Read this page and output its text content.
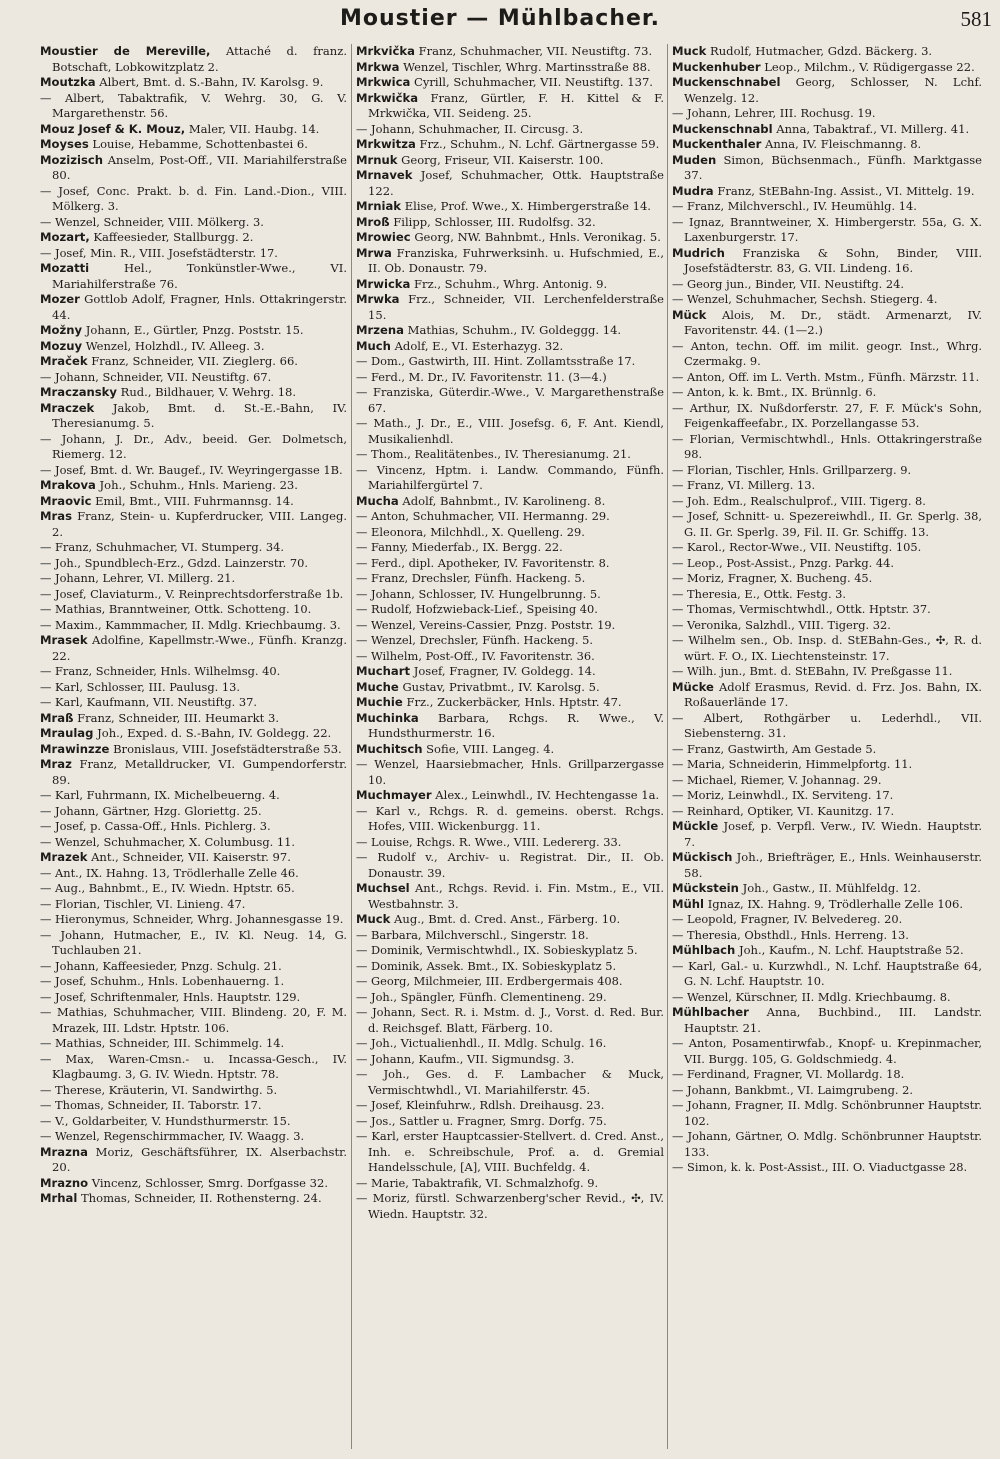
Moustier — Mühlbacher.	581

Moustier de Mereville, Attaché d. franz. Botschaft, Lobkowitzplatz 2.

Moutzka Albert, Bmt. d. S.-Bahn, IV. Karolsg. 9.

— Albert, Tabaktrafik, V. Wehrg. 30, G. V. Margarethenstr. 56.

Mouz Josef & K. Mouz, Maler, VII. Haubg. 14.

Moyses Louise, Hebamme, Schottenbastei 6.

Mozizisch Anselm, Post-Off., VII. Mariahilferstraße 80.

— Josef, Conc. Prakt. b. d. Fin. Land.-Dion., VIII. Mölkerg. 3.

— Wenzel, Schneider, VIII. Mölkerg. 3.

Mozart, Kaffeesieder, Stallburgg. 2.

— Josef, Min. R., VIII. Josefstädterstr. 17.

Mozatti	Hel., Tonkünstler-Wwe., VI. Mariahilferstraße 76.

Mozer Gottlob Adolf, Fragner, Hnls. Ottakringerstr. 44.

Možny Johann, E., Gürtler, Pnzg. Poststr. 15.

Mozuy Wenzel, Holzhdl., IV. Alleeg. 3.

Mraček Franz, Schneider, VII. Zieglerg. 66.

— Johann, Schneider, VII. Neustiftg. 67.

Mraczansky Rud., Bildhauer, V. Wehrg. 18.

Mraczek Jakob, Bmt. d. St.-E.-Bahn, IV. Theresianumg. 5.

— Johann, J. Dr., Adv., beeid. Ger. Dolmetsch, Riemerg. 12.

— Josef, Bmt. d. Wr. Baugef., IV. Weyringergasse 1B.

Mrakova Joh., Schuhm., Hnls. Marieng. 23.

Mraovic Emil, Bmt., VIII. Fuhrmannsg. 14.

Mras Franz, Stein- u. Kupferdrucker, VIII. Langeg. 2.

— Franz, Schuhmacher, VI. Stumperg. 34.

— Joh., Spundblech-Erz., Gdzd. Lainzerstr. 70.

— Johann, Lehrer, VI. Millerg. 21.

— Josef, Claviaturm., V. Reinprechtsdorferstraße 1b.

— Mathias, Branntweiner, Ottk. Schotteng. 10.

— Maxim., Kammmacher, II. Mdlg. Kriechbaumg. 3.

Mrasek Adolfine, Kapellmstr.-Wwe., Fünfh. Kranzg. 22.

— Franz, Schneider, Hnls. Wilhelmsg. 40.

— Karl, Schlosser, III. Paulusg. 13.

— Karl, Kaufmann, VII. Neustiftg. 37.

Mraß Franz, Schneider, III. Heumarkt 3.

Mraulag Joh., Exped. d. S.-Bahn, IV. Goldegg. 22.

Mrawinzze Bronislaus, VIII. Josefstädterstraße 53.

Mraz Franz, Metalldrucker, VI. Gumpendorferstr. 89.

— Karl, Fuhrmann, IX. Michelbeuerng. 4.

— Johann, Gärtner, Hzg. Gloriettg. 25.

— Josef, p. Cassa-Off., Hnls. Pichlerg. 3.

— Wenzel, Schuhmacher, X. Columbusg. 11.

Mrazek Ant., Schneider, VII. Kaiserstr. 97.

— Ant., IX. Hahng. 13, Trödlerhalle Zelle 46.

— Aug., Bahnbmt., E., IV. Wiedn. Hptstr. 65.

— Florian, Tischler, VI. Linieng. 47.

— Hieronymus, Schneider, Whrg. Johannesgasse 19.

— Johann, Hutmacher, E., IV. Kl. Neug. 14, G. Tuchlauben 21.

— Johann, Kaffeesieder, Pnzg. Schulg. 21.

— Josef, Schuhm., Hnls. Lobenhauerng. 1.

— Josef, Schriftenmaler, Hnls. Hauptstr. 129.

— Mathias, Schuhmacher, VIII. Blindeng. 20, F. M. Mrazek, III. Ldstr. Hptstr. 106.

— Mathias, Schneider, III. Schimmelg. 14.

— Max, Waren-Cmsn.- u. Incassa-Gesch., IV. Klagbaumg. 3, G. IV. Wiedn. Hptstr. 78.

— Therese, Kräuterin, VI. Sandwirthg. 5.

— Thomas, Schneider, II. Taborstr. 17.

— V., Goldarbeiter, V. Hundsthurmerstr. 15.

— Wenzel, Regenschirmmacher, IV. Waagg. 3.

Mrazna Moriz, Geschäftsführer, IX. Alserbachstr. 20.

Mrazno Vincenz, Schlosser, Smrg. Dorfgasse 32.

Mrhal Thomas, Schneider, II. Rothensterng. 24.

Mrkvička Franz, Schuhmacher, VII. Neustiftg. 73.

Mrkwa Wenzel, Tischler, Whrg. Martinsstraße 88.

Mrkwica Cyrill, Schuhmacher, VII. Neustiftg. 137.

Mrkwička Franz, Gürtler, F. H. Kittel & F. Mrkwička, VII. Seideng. 25.

— Johann, Schuhmacher, II. Circusg. 3.

Mrkwitza Frz., Schuhm., N. Lchf. Gärtnergasse 59.

Mrnuk Georg, Friseur, VII. Kaiserstr. 100.

Mrnavek Josef, Schuhmacher, Ottk. Hauptstraße 122.

Mrniak Elise, Prof. Wwe., X. Himbergerstraße 14.

Mroß Filipp, Schlosser, III. Rudolfsg. 32.

Mrowiec Georg, NW. Bahnbmt., Hnls. Veronikag. 5.

Mrwa Franziska, Fuhrwerksinh. u. Hufschmied, E., II. Ob. Donaustr. 79.

Mrwicka Frz., Schuhm., Whrg. Antonig. 9.

Mrwka Frz., Schneider, VII. Lerchenfelderstraße 15.

Mrzena Mathias, Schuhm., IV. Goldeggg. 14.

Much Adolf, E., VI. Esterhazyg. 32.

— Dom., Gastwirth, III. Hint. Zollamtsstraße 17.

— Ferd., M. Dr., IV. Favoritenstr. 11. (3—4.)

— Franziska, Güterdir.-Wwe., V. Margarethenstraße 67.

— Math., J. Dr., E., VIII. Josefsg. 6, F. Ant. Kiendl, Musikalienhdl.

— Thom., Realitätenbes., IV. Theresianumg. 21.

— Vincenz, Hptm. i. Landw. Commando, Fünfh. Mariahilfergürtel 7.

Mucha Adolf, Bahnbmt., IV. Karolineng. 8.

— Anton, Schuhmacher, VII. Hermanng. 29.

— Eleonora, Milchhdl., X. Quelleng. 29.

— Fanny, Miederfab., IX. Bergg. 22.

— Ferd., dipl. Apotheker, IV. Favoritenstr. 8.

— Franz, Drechsler, Fünfh. Hackeng. 5.

— Johann, Schlosser, IV. Hungelbrunng. 5.

— Rudolf, Hofzwieback-Lief., Speising 40.

— Wenzel, Vereins-Cassier, Pnzg. Poststr. 19.

— Wenzel, Drechsler, Fünfh. Hackeng. 5.

— Wilhelm, Post-Off., IV. Favoritenstr. 36.

Muchart Josef, Fragner, IV. Goldegg. 14.

Muche Gustav, Privatbmt., IV. Karolsg. 5.

Muchie Frz., Zuckerbäcker, Hnls. Hptstr. 47.

Muchinka Barbara, Rchgs. R. Wwe., V. Hundsthurmerstr. 16.

Muchitsch Sofie, VIII. Langeg. 4.

— Wenzel, Haarsiebmacher, Hnls. Grillparzergasse 10.

Muchmayer Alex., Leinwhdl., IV. Hechtengasse 1a.

— Karl v., Rchgs. R. d. gemeins. oberst. Rchgs. Hofes, VIII. Wickenburgg. 11.

— Louise, Rchgs. R. Wwe., VIII. Ledererg. 33.

— Rudolf v., Archiv- u. Registrat. Dir., II. Ob. Donaustr. 39.

Muchsel Ant., Rchgs. Revid. i. Fin. Mstm., E., VII. Westbahnstr. 3.

Muck Aug., Bmt. d. Cred. Anst., Färberg. 10.

— Barbara, Milchverschl., Singerstr. 18.

— Dominik, Vermischtwhdl., IX. Sobieskyplatz 5.

— Dominik, Assek. Bmt., IX. Sobieskyplatz 5.

— Georg, Milchmeier, III. Erdbergermais 408.

— Joh., Spängler, Fünfh. Clementineng. 29.

— Johann, Sect. R. i. Mstm. d. J., Vorst. d. Red. Bur. d. Reichsgef. Blatt, Färberg. 10.

— Joh., Victualienhdl., II. Mdlg. Schulg. 16.

— Johann, Kaufm., VII. Sigmundsg. 3.

— Joh., Ges. d. F. Lambacher & Muck, Vermischtwhdl., VI. Mariahilferstr. 45.

— Josef, Kleinfuhrw., Rdlsh. Dreihausg. 23.

— Jos., Sattler u. Fragner, Smrg. Dorfg. 75.

— Karl, erster Hauptcassier-Stellvert. d. Cred. Anst., Inh. e. Schreibschule, Prof. a. d. Gremial Handelsschule, [A], VIII. Buchfeldg. 4.

— Marie, Tabaktrafik, VI. Schmalzhofg. 9.

— Moriz, fürstl. Schwarzenberg'scher Revid., ✣, IV. Wiedn. Hauptstr. 32.

Muck Rudolf, Hutmacher, Gdzd. Bäckerg. 3.

Muckenhuber Leop., Milchm., V. Rüdigergasse 22.

Muckenschnabel Georg, Schlosser, N. Lchf. Wenzelg. 12.

— Johann, Lehrer, III. Rochusg. 19.

Muckenschnabl Anna, Tabaktraf., VI. Millerg. 41.

Muckenthaler Anna, IV. Fleischmanng. 8.

Muden Simon, Büchsenmach., Fünfh. Marktgasse 37.

Mudra Franz, StEBahn-Ing. Assist., VI. Mittelg. 19.

— Franz, Milchverschl., IV. Heumühlg. 14.

— Ignaz, Branntweiner, X. Himbergerstr. 55a, G. X. Laxenburgerstr. 17.

Mudrich Franziska & Sohn, Binder, VIII. Josefstädterstr. 83, G. VII. Lindeng. 16.

— Georg jun., Binder, VII. Neustiftg. 24.

— Wenzel, Schuhmacher, Sechsh. Stiegerg. 4.

Mück Alois, M. Dr., städt. Armenarzt, IV. Favoritenstr. 44. (1—2.)

— Anton, techn. Off. im milit. geogr. Inst., Whrg. Czermakg. 9.

— Anton, Off. im L. Verth. Mstm., Fünfh. Märzstr. 11.

— Anton, k. k. Bmt., IX. Brünnlg. 6.

— Arthur, IX. Nußdorferstr. 27, F. F. Mück's Sohn, Feigenkaffeefabr., IX. Porzellangasse 53.

— Florian, Vermischtwhdl., Hnls. Ottakringerstraße 98.

— Florian, Tischler, Hnls. Grillparzerg. 9.

— Franz, VI. Millerg. 13.

— Joh. Edm., Realschulprof., VIII. Tigerg. 8.

— Josef, Schnitt- u. Spezereiwhdl., II. Gr. Sperlg. 38, G. II. Gr. Sperlg. 39, Fil. II. Gr. Schiffg. 13.

— Karol., Rector-Wwe., VII. Neustiftg. 105.

— Leop., Post-Assist., Pnzg. Parkg. 44.

— Moriz, Fragner, X. Bucheng. 45.

— Theresia, E., Ottk. Festg. 3.

— Thomas, Vermischtwhdl., Ottk. Hptstr. 37.

— Veronika, Salzhdl., VIII. Tigerg. 32.

— Wilhelm sen., Ob. Insp. d. StEBahn-Ges., ✣, R. d. würt. F. O., IX. Liechtensteinstr. 17.

— Wilh. jun., Bmt. d. StEBahn, IV. Preßgasse 11.

Mücke Adolf Erasmus, Revid. d. Frz. Jos. Bahn, IX. Roßauerlände 17.

— Albert, Rothgärber u. Lederhdl., VII. Siebensterng. 31.

— Franz, Gastwirth, Am Gestade 5.

— Maria, Schneiderin, Himmelpfortg. 11.

— Michael, Riemer, V. Johannag. 29.

— Moriz, Leinwhdl., IX. Serviteng. 17.

— Reinhard, Optiker, VI. Kaunitzg. 17.

Mückle Josef, p. Verpfl. Verw., IV. Wiedn. Hauptstr. 7.

Mückisch Joh., Briefträger, E., Hnls. Weinhauserstr. 58.

Mückstein Joh., Gastw., II. Mühlfeldg. 12.

Mühl Ignaz, IX. Hahng. 9, Trödlerhalle Zelle 106.

— Leopold, Fragner, IV. Belvedereg. 20.

— Theresia, Obsthdl., Hnls. Herreng. 13.

Mühlbach Joh., Kaufm., N. Lchf. Hauptstraße 52.

— Karl, Gal.- u. Kurzwhdl., N. Lchf. Hauptstraße 64, G. N. Lchf. Hauptstr. 10.

— Wenzel, Kürschner, II. Mdlg. Kriechbaumg. 8.

Mühlbacher Anna, Buchbind., III. Landstr. Hauptstr. 21.

— Anton, Posamentirwfab., Knopf- u. Krepinmacher, VII. Burgg. 105, G. Goldschmiedg. 4.

— Ferdinand, Fragner, VI. Mollardg. 18.

— Johann, Bankbmt., VI. Laimgrubeng. 2.

— Johann, Fragner, II. Mdlg. Schönbrunner Hauptstr. 102.

— Johann, Gärtner, O. Mdlg. Schönbrunner Hauptstr. 133.

— Simon, k. k. Post-Assist., III. O. Viaductgasse 28.
